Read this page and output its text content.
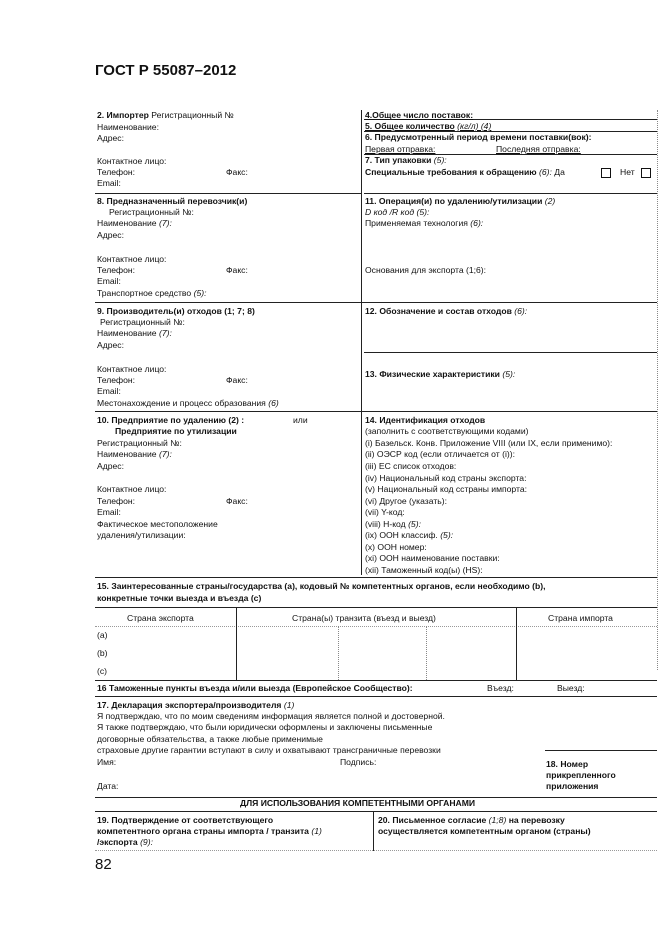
ГОСТ Р 55087–2012
2. Импортер Регистрационный №
Наименование:
Адрес:
Контактное лицо:
Телефон:	Факс:
Email:
4.Общее число поставок:
5. Общее количество (кг/л) (4)
6. Предусмотренный период времени поставки(вок):
Первая отправка:	Последняя отправка:
7. Тип упаковки (5):
Специальные требования к обращению (6): Да	Нет
8. Предназначенный перевозчик(и)
Регистрационный №:
Наименование (7):
Адрес:
Контактное лицо:
Телефон:	Факс:
Email:
Транспортное средство (5):
11. Операция(и) по удалению/утилизации (2)
D код /R код (5):
Применяемая технология (6):
Основания для экспорта (1;6):
9. Производитель(и) отходов (1; 7; 8)
Регистрационный №:
Наименование (7):
Адрес:
Контактное лицо:
Телефон:	Факс:
Email:
Местонахождение и процесс образования (6)
12. Обозначение и состав отходов (6):
13. Физические характеристики (5):
10. Предприятие по удалению (2) :	или
Предприятие по утилизации
Регистрационный №:
Наименование (7):
Адрес:
Контактное лицо:
Телефон:	Факс:
Email:
Фактическое местоположение
удаления/утилизации:
14. Идентификация отходов
(заполнить с соответствующими кодами)
(i) Базельск. Конв. Приложение VIII (или IX, если применимо):
(ii) ОЭСР код (если отличается от (i)):
(iii) ЕС список отходов:
(iv) Национальный код страны экспорта:
(v) Национальный код сстраны импорта:
(vi) Другое (указать):
(vii) Y-код:
(viii) H-код (5):
(ix) ООН классиф. (5):
(x) ООН номер:
(xi) ООН наименование поставки:
(xii) Таможенный код(ы) (HS):
15. Заинтересованные страны/государства (a), кодовый № компетентных органов, если необходимо (b),
конкретные точки выезда и въезда (c)
Страна экспорта	Страна(ы) транзита (въезд и выезд)	Страна импорта
(a)
(b)
(c)
16 Таможенные пункты въезда и/или выезда (Европейское Сообщество):	Въезд:	Выезд:
17. Декларация экспортера/производителя (1)
Я подтверждаю, что по моим сведениям информация является полной и достоверной.
Я также подтверждаю, что были юридически оформлены и заключены письменные
договорные обязательства, а также любые применимые
страховые другие гарантии вступают в силу и охватывают трансграничные перевозки
Имя:	Подпись:
Дата:
18. Номер
прикрепленного
приложения
ДЛЯ ИСПОЛЬЗОВАНИЯ КОМПЕТЕНТНЫМИ ОРГАНАМИ
19. Подтверждение от соответствующего
компетентного органа страны импорта / транзита (1)
/экспорта (9):
20. Письменное согласие (1;8) на перевозку
осуществляется компетентным органом (страны)
82
